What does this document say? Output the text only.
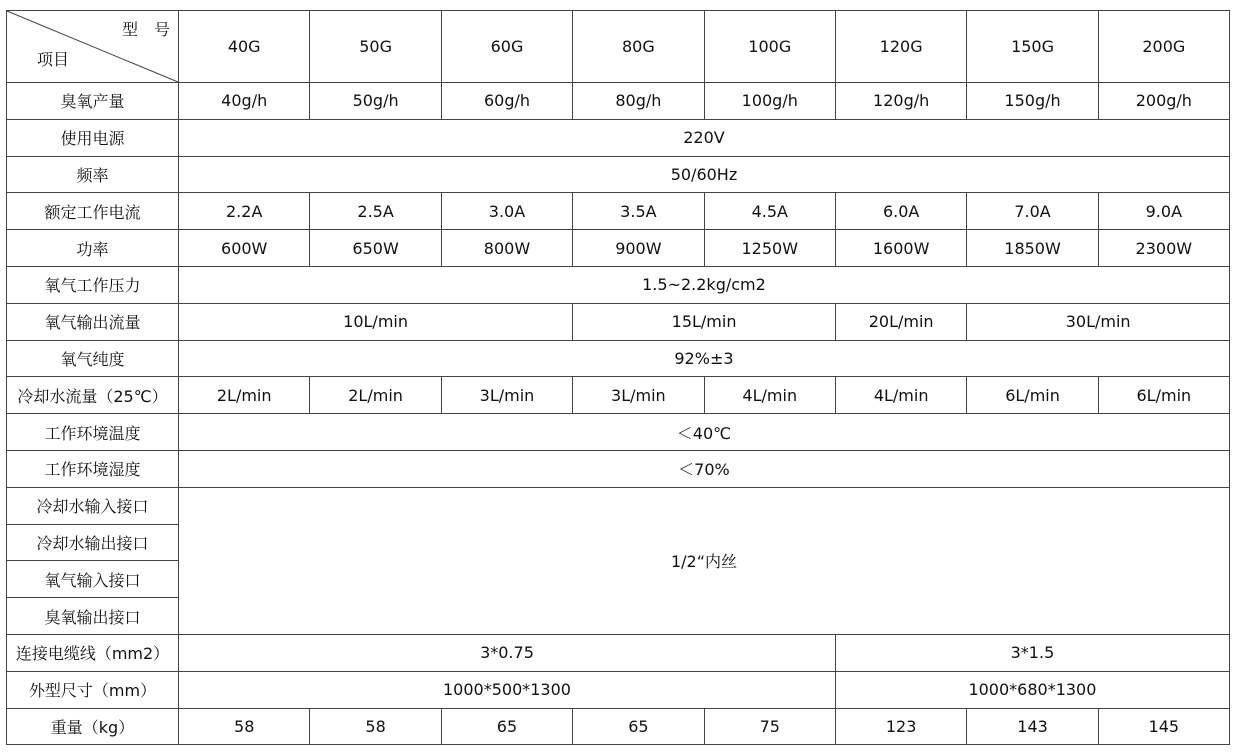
型号
项目	40G	50G	60G	80G	100G	120G	150G	200G
臭氧产量	40g/h	50g/h	60g/h	80g/h	100g/h	120g/h	150g/h	200g/h
使用电源	220V							
频率	50/60Hz							
额定工作电流	2.2A	2.5A	3.0A	3.5A	4.5A	6.0A	7.0A	9.0A
功率	600W	650W	800W	900W	1250W	1600W	1850W	2300W
氧气工作压力	1.5~2.2kg/cm2							
氧气输出流量	10L/min			15L/min		20L/min	30L/min	
氧气纯度	92%±3							
冷却水流量（25℃）	2L/min	2L/min	3L/min	3L/min	4L/min	4L/min	6L/min	6L/min
工作环境温度	＜40℃							
工作环境湿度	＜70%							
冷却水输入接口	1/2“内丝							
冷却水输出接口								
氧气输入接口								
臭氧输出接口								
连接电缆线（mm2）	3*0.75					3*1.5		
外型尺寸（mm）	1000*500*1300					1000*680*1300		
重量（kg）	58	58	65	65	75	123	143	145
